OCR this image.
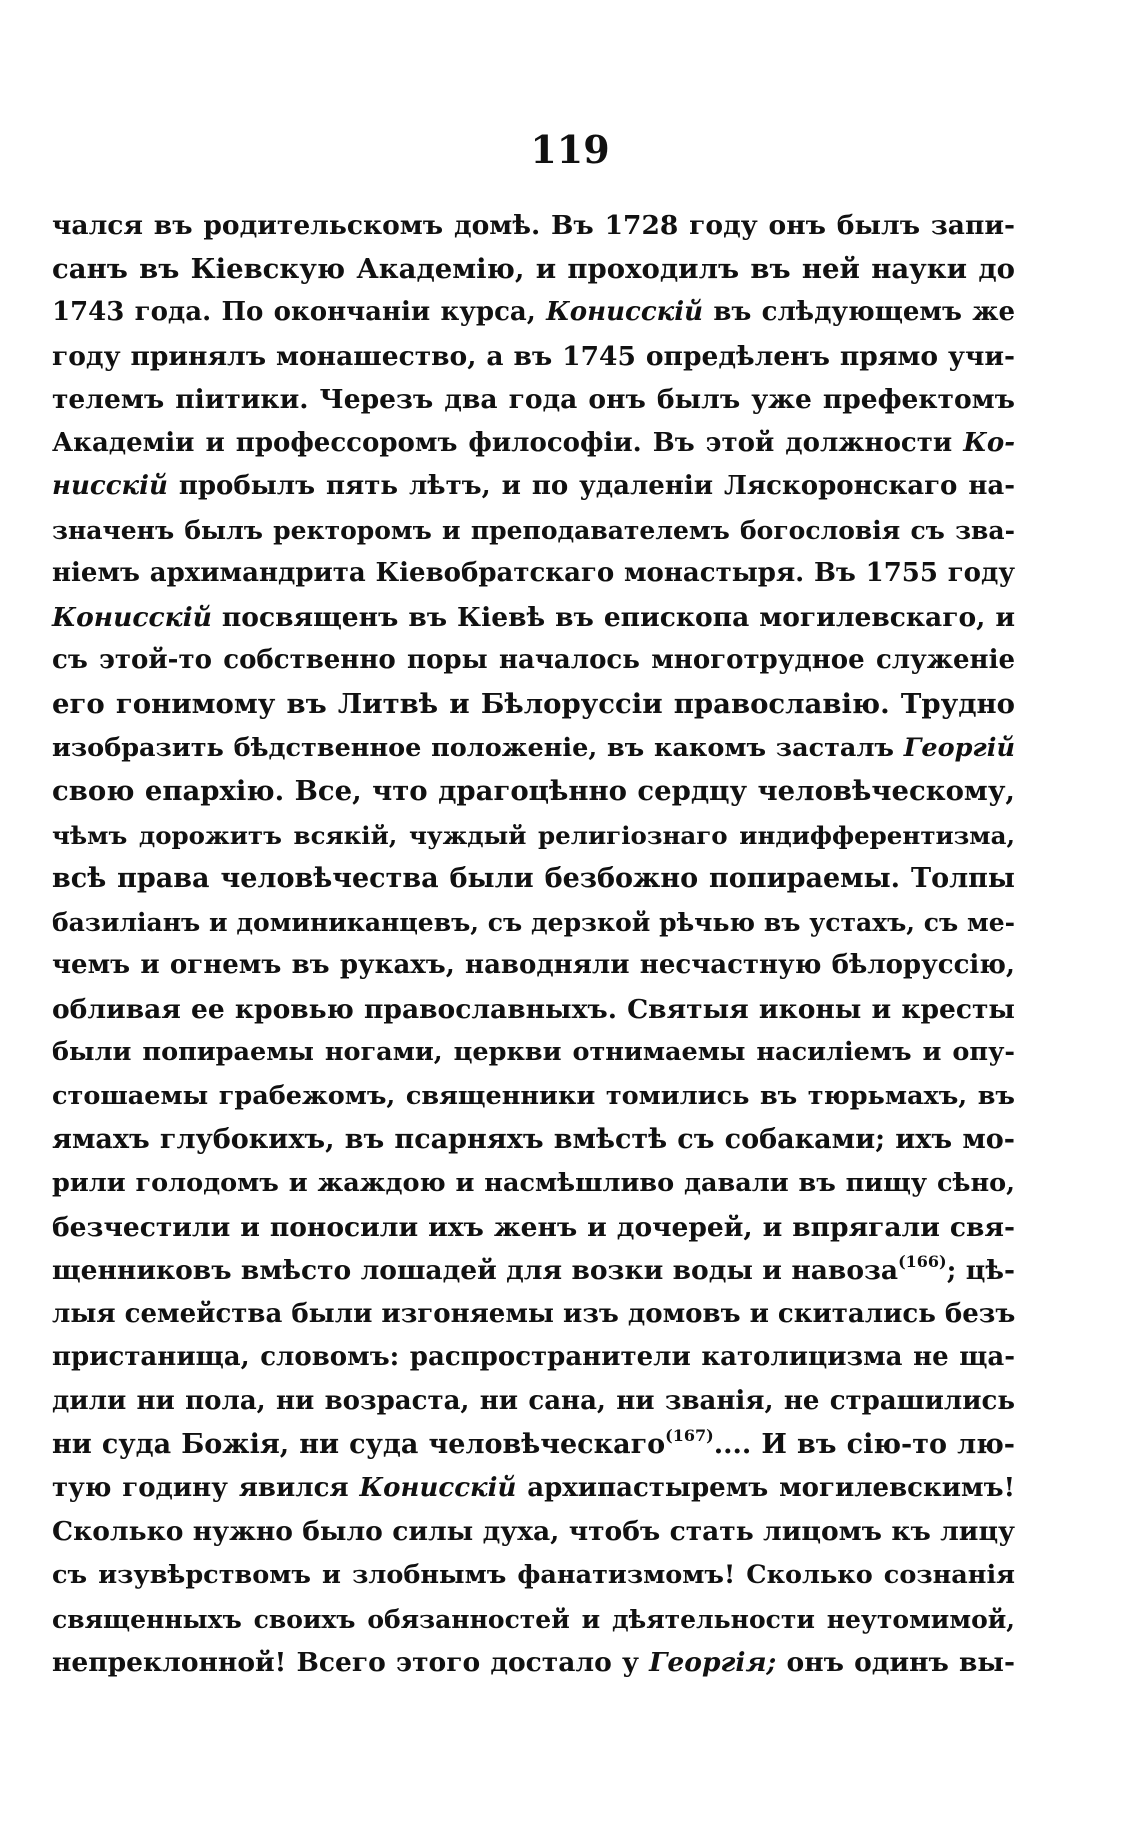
119
чался въ родительскомъ домѣ. Въ 1728 году онъ былъ запи-
санъ въ Кіевскую Академію, и проходилъ въ ней науки до
1743 года. По окончаніи курса, Конисскій въ слѣдующемъ же
году принялъ монашество, а въ 1745 опредѣленъ прямо учи-
телемъ піитики. Черезъ два года онъ былъ уже префектомъ
Академіи и профессоромъ философіи. Въ этой должности Ко-
нисскій пробылъ пять лѣтъ, и по удаленіи Ляскоронскаго на-
значенъ былъ ректоромъ и преподавателемъ богословія съ зва-
ніемъ архимандрита Кіевобратскаго монастыря. Въ 1755 году
Конисскій посвященъ въ Кіевѣ въ епископа могилевскаго, и
съ этой-то собственно поры началось многотрудное служеніе
его гонимому въ Литвѣ и Бѣлоруссіи православію. Трудно
изобразить бѣдственное положеніе, въ какомъ засталъ Георгій
свою епархію. Все, что драгоцѣнно сердцу человѣческому,
чѣмъ дорожитъ всякій, чуждый религіознаго индифферентизма,
всѣ права человѣчества были безбожно попираемы. Толпы
базиліанъ и доминиканцевъ, съ дерзкой рѣчью въ устахъ, съ ме-
чемъ и огнемъ въ рукахъ, наводняли несчастную бѣлоруссію,
обливая ее кровью православныхъ. Святыя иконы и кресты
были попираемы ногами, церкви отнимаемы насиліемъ и опу-
стошаемы грабежомъ, священники томились въ тюрьмахъ, въ
ямахъ глубокихъ, въ псарняхъ вмѣстѣ съ собаками; ихъ мо-
рили голодомъ и жаждою и насмѣшливо давали въ пищу сѣно,
безчестили и поносили ихъ женъ и дочерей, и впрягали свя-
щенниковъ вмѣсто лошадей для возки воды и навоза$^{(166)}$; цѣ-
лыя семейства были изгоняемы изъ домовъ и скитались безъ
пристанища, словомъ: распространители католицизма не ща-
дили ни пола, ни возраста, ни сана, ни званія, не страшились
ни суда Божія, ни суда человѣческаго$^{(167)}$.... И въ сію-то лю-
тую годину явился Конисскій архипастыремъ могилевскимъ!
Сколько нужно было силы духа, чтобъ стать лицомъ къ лицу
съ изувѣрствомъ и злобнымъ фанатизмомъ! Сколько сознанія
священныхъ своихъ обязанностей и дѣятельности неутомимой,
непреклонной! Всего этого достало у Георгія; онъ одинъ вы-
